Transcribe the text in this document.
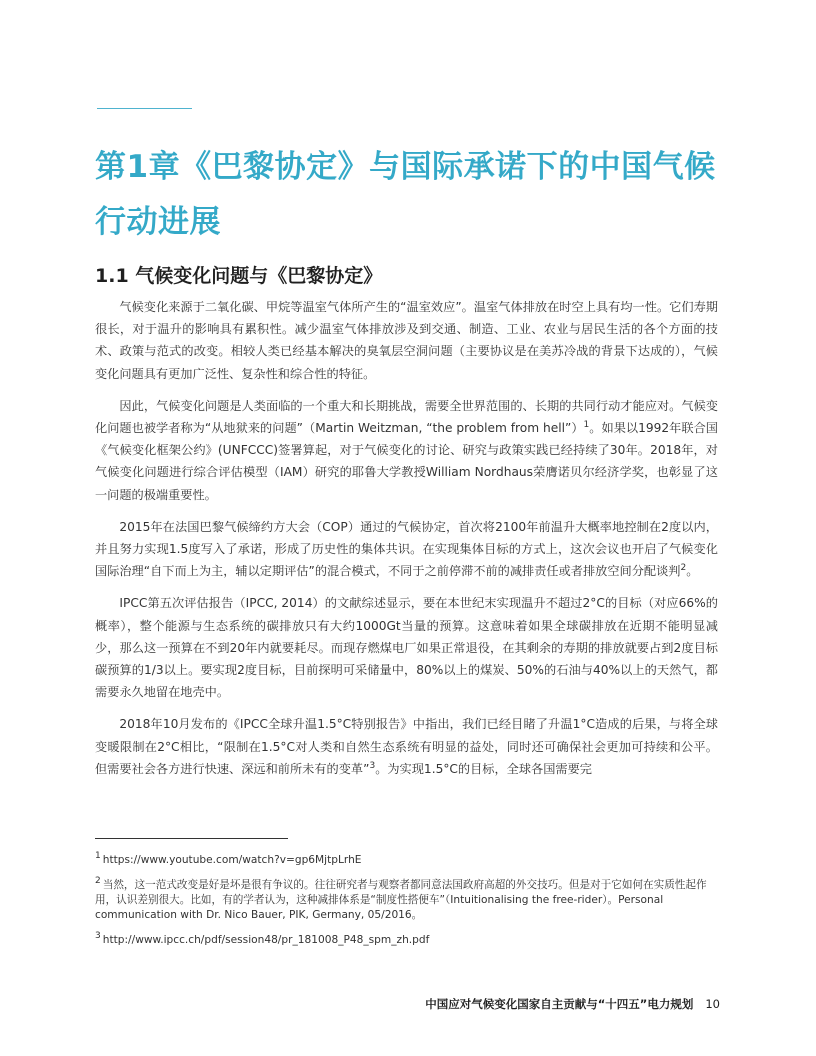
第1章《巴黎协定》与国际承诺下的中国气候
行动进展
1.1 气候变化问题与《巴黎协定》

气候变化来源于二氧化碳、甲烷等温室气体所产生的“温室效应”。温室气体排放在时空上具有均一性。它们寿期很长，对于温升的影响具有累积性。减少温室气体排放涉及到交通、制造、工业、农业与居民生活的各个方面的技术、政策与范式的改变。相较人类已经基本解决的臭氧层空洞问题（主要协议是在美苏冷战的背景下达成的），气候变化问题具有更加广泛性、复杂性和综合性的特征。

因此，气候变化问题是人类面临的一个重大和长期挑战，需要全世界范围的、长期的共同行动才能应对。气候变化问题也被学者称为“从地狱来的问题”（Martin Weitzman, “the problem from hell”）$^1$。如果以1992年联合国《气候变化框架公约》(UNFCCC)签署算起，对于气候变化的讨论、研究与政策实践已经持续了30年。2018年，对气候变化问题进行综合评估模型（IAM）研究的耶鲁大学教授William Nordhaus荣膺诺贝尔经济学奖，也彰显了这一问题的极端重要性。

2015年在法国巴黎气候缔约方大会（COP）通过的气候协定，首次将2100年前温升大概率地控制在2度以内，并且努力实现1.5度写入了承诺，形成了历史性的集体共识。在实现集体目标的方式上，这次会议也开启了气候变化国际治理“自下而上为主，辅以定期评估”的混合模式，不同于之前停滞不前的减排责任或者排放空间分配谈判$^2$。

IPCC第五次评估报告（IPCC, 2014）的文献综述显示，要在本世纪末实现温升不超过2°C的目标（对应66%的概率），整个能源与生态系统的碳排放只有大约1000Gt当量的预算。这意味着如果全球碳排放在近期不能明显减少，那么这一预算在不到20年内就要耗尽。而现存燃煤电厂如果正常退役，在其剩余的寿期的排放就要占到2度目标碳预算的1/3以上。要实现2度目标，目前探明可采储量中，80%以上的煤炭、50%的石油与40%以上的天然气，都需要永久地留在地壳中。

2018年10月发布的《IPCC全球升温1.5°C特别报告》中指出，我们已经目睹了升温1°C造成的后果，与将全球变暖限制在2°C相比，“限制在1.5°C对人类和自然生态系统有明显的益处，同时还可确保社会更加可持续和公平。但需要社会各方进行快速、深远和前所未有的变革”$^3$。为实现1.5°C的目标，全球各国需要完

$^1$ https://www.youtube.com/watch?v=gp6MjtpLrhE
$^2$ 当然，这一范式改变是好是坏是很有争议的。往往研究者与观察者都同意法国政府高超的外交技巧。但是对于它如何在实质性起作用，认识差别很大。比如，有的学者认为，这种减排体系是“制度性搭便车”（Intuitionalising the free-rider）。Personal communication with Dr. Nico Bauer, PIK, Germany, 05/2016。
$^3$ http://www.ipcc.ch/pdf/session48/pr_181008_P48_spm_zh.pdf
中国应对气候变化国家自主贡献与“十四五”电力规划 10
